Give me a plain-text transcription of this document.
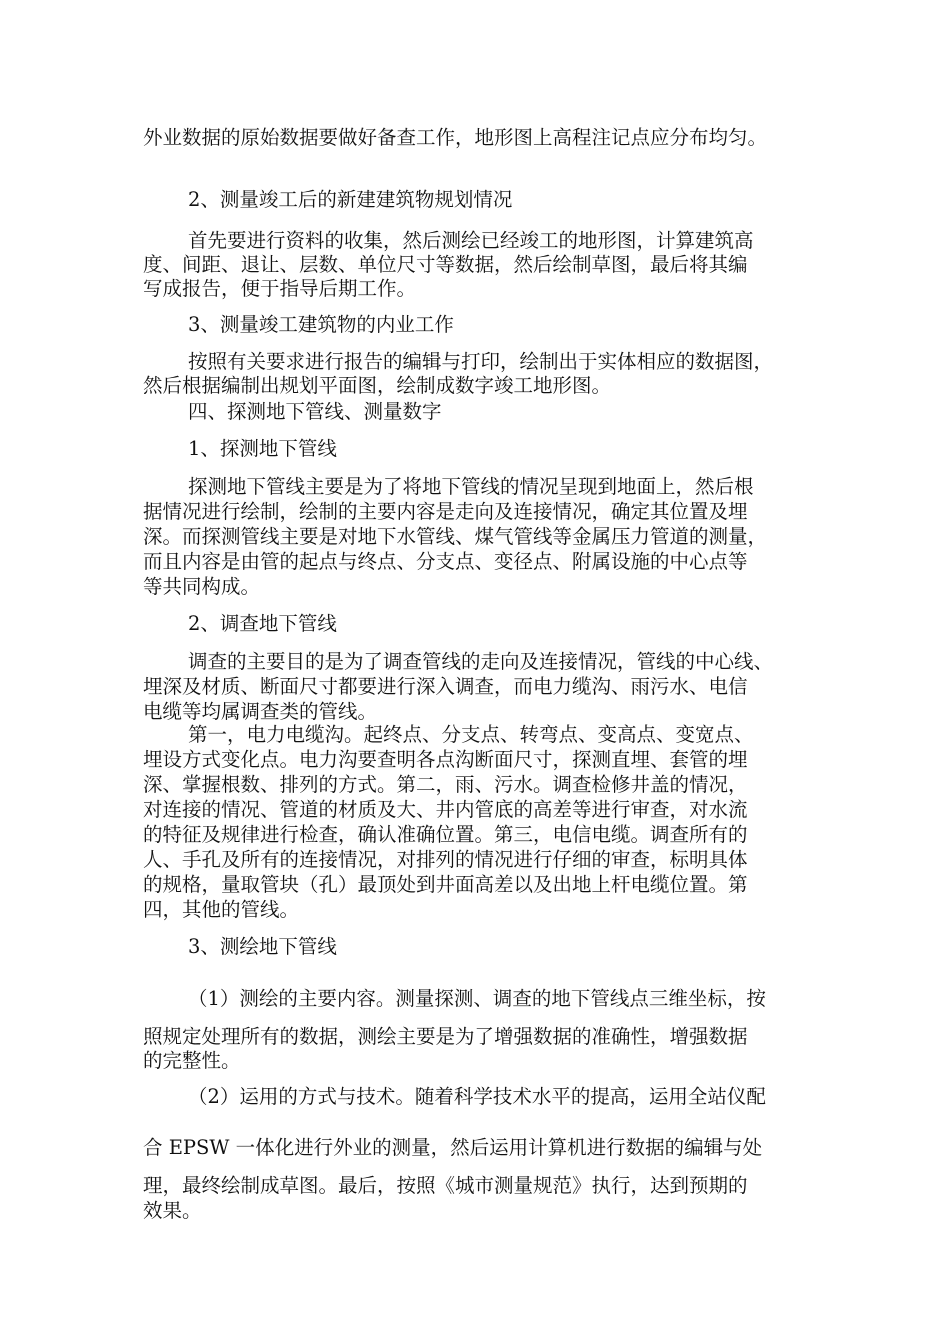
外业数据的原始数据要做好备查工作，地形图上高程注记点应分布均匀。
2、测量竣工后的新建建筑物规划情况
首先要进行资料的收集，然后测绘已经竣工的地形图，计算建筑高
度、间距、退让、层数、单位尺寸等数据，然后绘制草图，最后将其编
写成报告，便于指导后期工作。
3、测量竣工建筑物的内业工作
按照有关要求进行报告的编辑与打印，绘制出于实体相应的数据图，
然后根据编制出规划平面图，绘制成数字竣工地形图。
四、探测地下管线、测量数字
1、探测地下管线
探测地下管线主要是为了将地下管线的情况呈现到地面上，然后根
据情况进行绘制，绘制的主要内容是走向及连接情况，确定其位置及埋
深。而探测管线主要是对地下水管线、煤气管线等金属压力管道的测量，
而且内容是由管的起点与终点、分支点、变径点、附属设施的中心点等
等共同构成。
2、调查地下管线
调查的主要目的是为了调查管线的走向及连接情况，管线的中心线、
埋深及材质、断面尺寸都要进行深入调查，而电力缆沟、雨污水、电信
电缆等均属调查类的管线。
第一，电力电缆沟。起终点、分支点、转弯点、变高点、变宽点、
埋设方式变化点。电力沟要查明各点沟断面尺寸，探测直埋、套管的埋
深、掌握根数、排列的方式。第二，雨、污水。调查检修井盖的情况，
对连接的情况、管道的材质及大、井内管底的高差等进行审查，对水流
的特征及规律进行检查，确认准确位置。第三，电信电缆。调查所有的
人、手孔及所有的连接情况，对排列的情况进行仔细的审查，标明具体
的规格，量取管块（孔）最顶处到井面高差以及出地上杆电缆位置。第
四，其他的管线。
3、测绘地下管线
（1）测绘的主要内容。测量探测、调查的地下管线点三维坐标，按
照规定处理所有的数据，测绘主要是为了增强数据的准确性，增强数据
的完整性。
（2）运用的方式与技术。随着科学技术水平的提高，运用全站仪配
合 EPSW 一体化进行外业的测量，然后运用计算机进行数据的编辑与处
理，最终绘制成草图。最后，按照《城市测量规范》执行，达到预期的
效果。
